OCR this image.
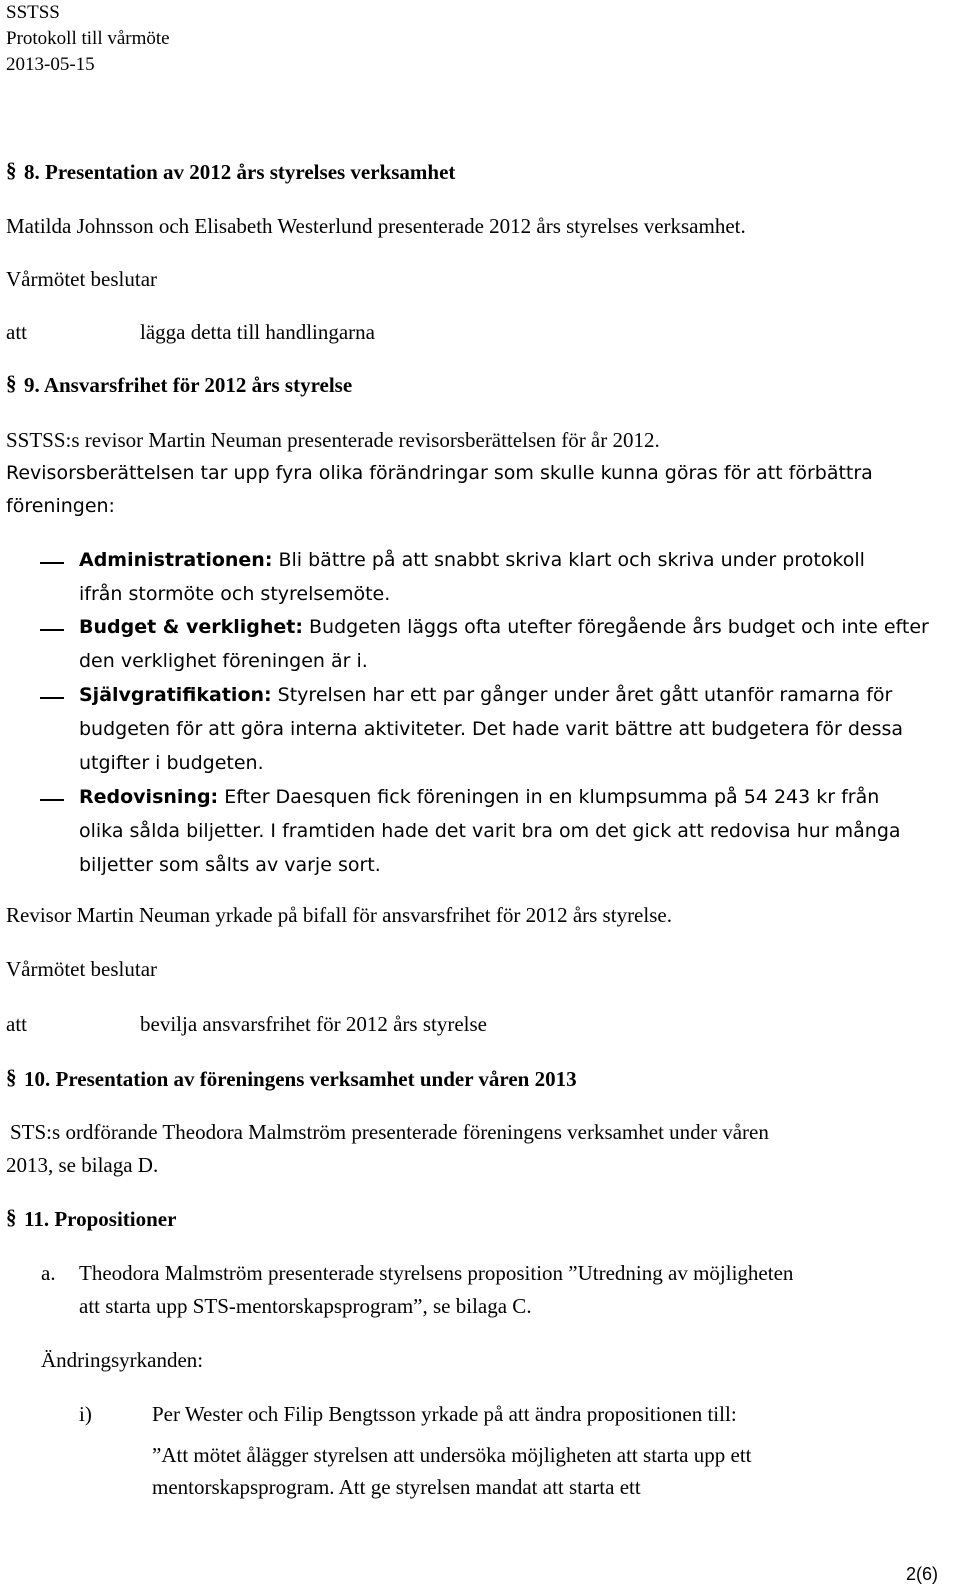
SSTSS
Protokoll till vårmöte
2013-05-15
§ 8. Presentation av 2012 års styrelses verksamhet
Matilda Johnsson och Elisabeth Westerlund presenterade 2012 års styrelses verksamhet.
Vårmötet beslutar
att	lägga detta till handlingarna
§ 9. Ansvarsfrihet för 2012 års styrelse
SSTSS:s revisor Martin Neuman presenterade revisorsberättelsen för år 2012.
Revisorsberättelsen tar upp fyra olika förändringar som skulle kunna göras för att förbättra
föreningen:
Administrationen: Bli bättre på att snabbt skriva klart och skriva under protokoll
ifrån stormöte och styrelsemöte.
Budget & verklighet: Budgeten läggs ofta utefter föregående års budget och inte efter
den verklighet föreningen är i.
Självgratifikation: Styrelsen har ett par gånger under året gått utanför ramarna för
budgeten för att göra interna aktiviteter. Det hade varit bättre att budgetera för dessa
utgifter i budgeten.
Redovisning: Efter Daesquen fick föreningen in en klumpsumma på 54 243 kr från
olika sålda biljetter. I framtiden hade det varit bra om det gick att redovisa hur många
biljetter som sålts av varje sort.
Revisor Martin Neuman yrkade på bifall för ansvarsfrihet för 2012 års styrelse.
Vårmötet beslutar
att	bevilja ansvarsfrihet för 2012 års styrelse
§ 10. Presentation av föreningens verksamhet under våren 2013
STS:s ordförande Theodora Malmström presenterade föreningens verksamhet under våren
2013, se bilaga D.
§ 11. Propositioner
a. Theodora Malmström presenterade styrelsens proposition ”Utredning av möjligheten
att starta upp STS-mentorskapsprogram”, se bilaga C.
Ändringsyrkanden:
i)	Per Wester och Filip Bengtsson yrkade på att ändra propositionen till:
”Att mötet ålägger styrelsen att undersöka möjligheten att starta upp ett
mentorskapsprogram. Att ge styrelsen mandat att starta ett
2(6)
